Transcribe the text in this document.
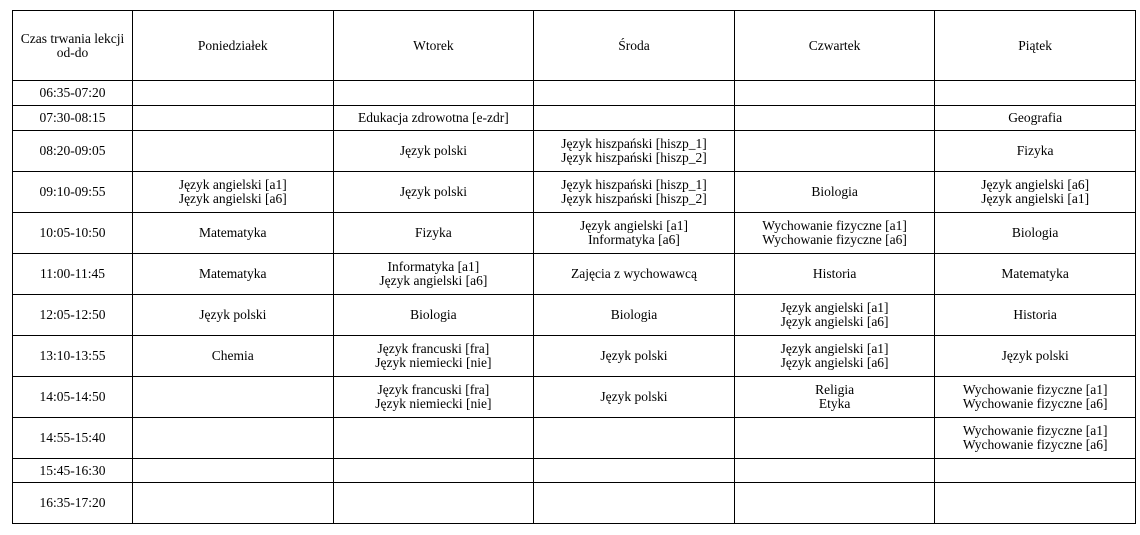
Czas trwania lekcji od-do	Poniedziałek	Wtorek	Środa	Czwartek	Piątek
06:35-07:20					
07:30-08:15		Edukacja zdrowotna [e-zdr]			Geografia

08:20-09:05		Język polski	Język hiszpański [hiszp_1]
Język hiszpański [hiszp_2]		Fizyka

09:10-09:55	Język angielski [a1]
Język angielski [a6]	Język polski	Język hiszpański [hiszp_1]
Język hiszpański [hiszp_2]	Biologia	Język angielski [a6]
Język angielski [a1]

10:05-10:50	Matematyka	Fizyka	Język angielski [a1]
Informatyka [a6]	Wychowanie fizyczne [a1]
Wychowanie fizyczne [a6]	Biologia

11:00-11:45	Matematyka	Informatyka [a1]
Język angielski [a6]	Zajęcia z wychowawcą	Historia	Matematyka

12:05-12:50	Język polski	Biologia	Biologia	Język angielski [a1]
Język angielski [a6]	Historia

13:10-13:55	Chemia	Język francuski [fra]
Język niemiecki [nie]	Język polski	Język angielski [a1]
Język angielski [a6]	Język polski

14:05-14:50		Język francuski [fra]
Język niemiecki [nie]	Język polski	Religia
Etyka	Wychowanie fizyczne [a1]
Wychowanie fizyczne [a6]

14:55-15:40					Wychowanie fizyczne [a1]
Wychowanie fizyczne [a6]

15:45-16:30					
16:35-17:20					
